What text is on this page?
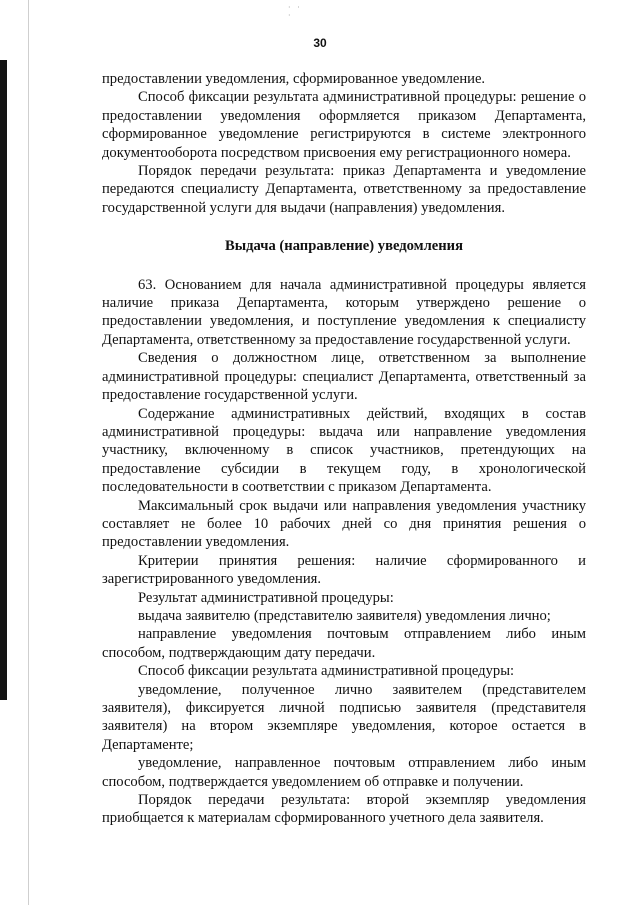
· ·
·
30

предоставлении уведомления, сформированное уведомление.

Способ фиксации результата административной процедуры: решение о предоставлении уведомления оформляется приказом Департамента, сформированное уведомление регистрируются в системе электронного документооборота посредством присвоения ему регистрационного номера.

Порядок передачи результата: приказ Департамента и уведомление передаются специалисту Департамента, ответственному за предоставление государственной услуги для выдачи (направления) уведомления.

Выдача (направление) уведомления

63. Основанием для начала административной процедуры является наличие приказа Департамента, которым утверждено решение о предоставлении уведомления, и поступление уведомления к специалисту Департамента, ответственному за предоставление государственной услуги.

Сведения о должностном лице, ответственном за выполнение административной процедуры: специалист Департамента, ответственный за предоставление государственной услуги.

Содержание административных действий, входящих в состав административной процедуры: выдача или направление уведомления участнику, включенному в список участников, претендующих на предоставление субсидии в текущем году, в хронологической последовательности в соответствии с приказом Департамента.

Максимальный срок выдачи или направления уведомления участнику составляет не более 10 рабочих дней со дня принятия решения о предоставлении уведомления.

Критерии принятия решения: наличие сформированного и зарегистрированного уведомления.

Результат административной процедуры:

выдача заявителю (представителю заявителя) уведомления лично;

направление уведомления почтовым отправлением либо иным способом, подтверждающим дату передачи.

Способ фиксации результата административной процедуры:

уведомление, полученное лично заявителем (представителем заявителя), фиксируется личной подписью заявителя (представителя заявителя) на втором экземпляре уведомления, которое остается в Департаменте;

уведомление, направленное почтовым отправлением либо иным способом, подтверждается уведомлением об отправке и получении.

Порядок передачи результата: второй экземпляр уведомления приобщается к материалам сформированного учетного дела заявителя.
